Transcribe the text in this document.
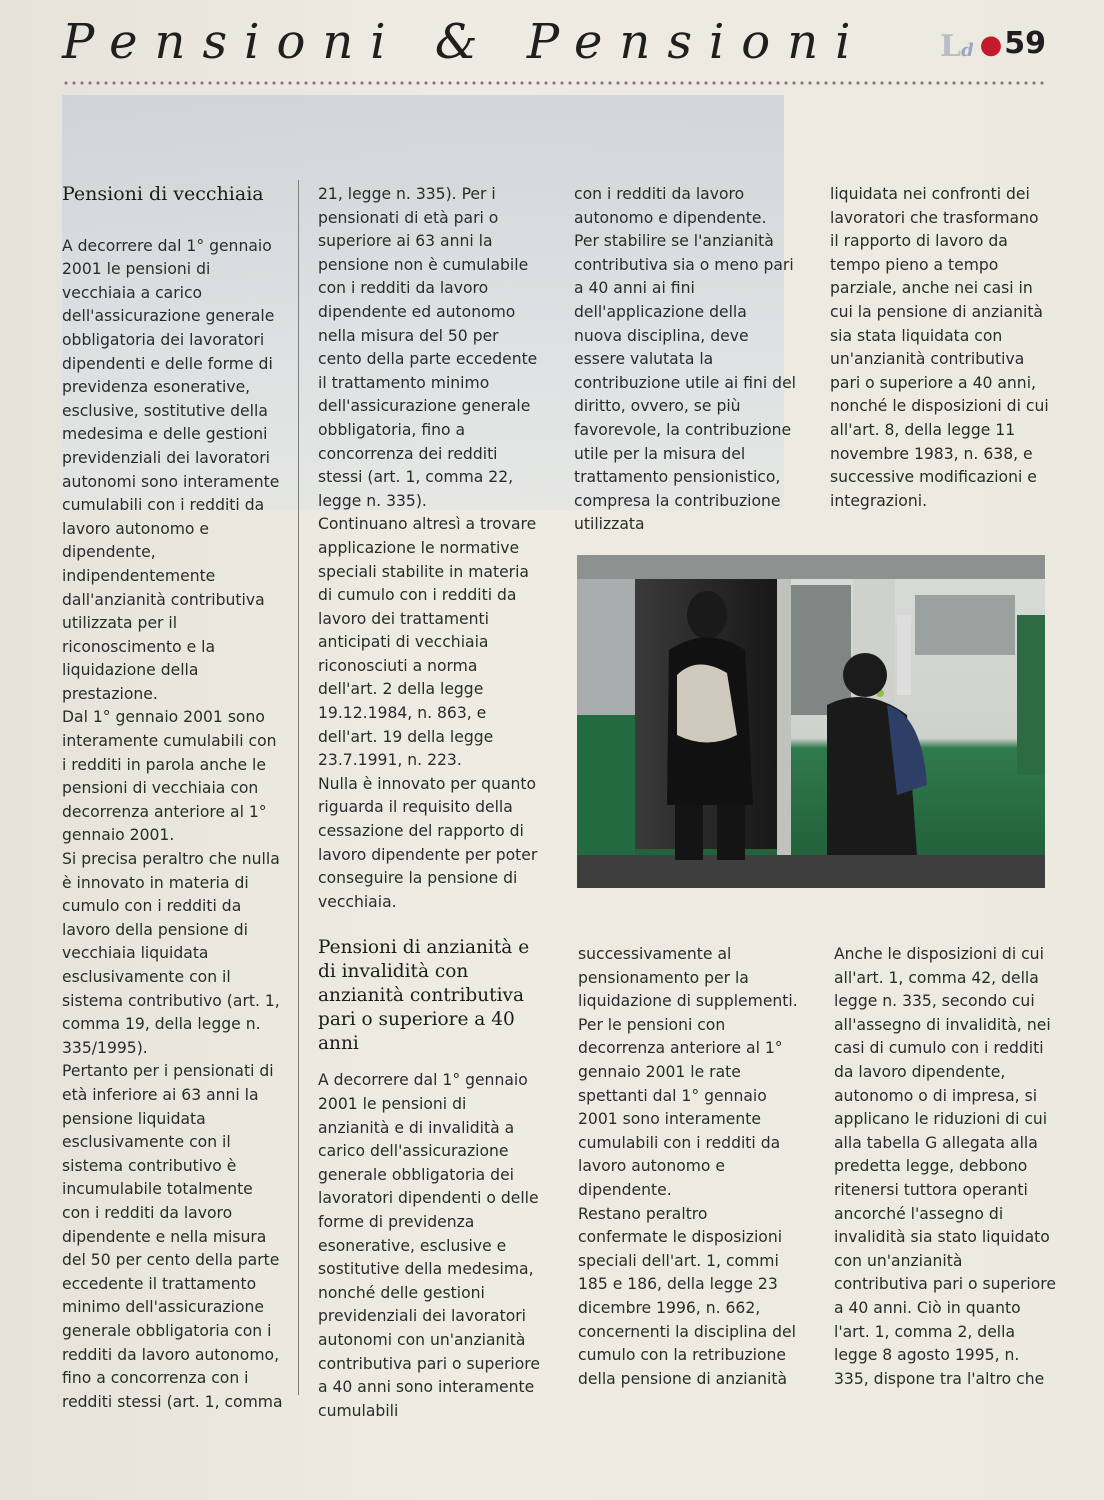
Pensioni & Pensioni Ld ●59
Pensioni di vecchiaia

A decorrere dal 1° gennaio 2001 le pensioni di vecchiaia a carico dell'assicurazione generale obbligatoria dei lavoratori dipendenti e delle forme di previdenza esonerative, esclusive, sostitutive della medesima e delle gestioni previdenziali dei lavoratori autonomi sono interamente cumulabili con i redditi da lavoro autonomo e dipendente, indipendentemente dall'anzianità contributiva utilizzata per il riconoscimento e la liquidazione della prestazione.

Dal 1° gennaio 2001 sono interamente cumulabili con i redditi in parola anche le pensioni di vecchiaia con decorrenza anteriore al 1° gennaio 2001.

Si precisa peraltro che nulla è innovato in materia di cumulo con i redditi da lavoro della pensione di vecchiaia liquidata esclusivamente con il sistema contributivo (art. 1, comma 19, della legge n. 335/1995).

Pertanto per i pensionati di età inferiore ai 63 anni la pensione liquidata esclusivamente con il sistema contributivo è incumulabile totalmente con i redditi da lavoro dipendente e nella misura del 50 per cento della parte eccedente il trattamento minimo dell'assicurazione generale obbligatoria con i redditi da lavoro autonomo, fino a concorrenza con i redditi stessi (art. 1, comma

21, legge n. 335). Per i pensionati di età pari o superiore ai 63 anni la pensione non è cumulabile con i redditi da lavoro dipendente ed autonomo nella misura del 50 per cento della parte eccedente il trattamento minimo dell'assicurazione generale obbligatoria, fino a concorrenza dei redditi stessi (art. 1, comma 22, legge n. 335).

Continuano altresì a trovare applicazione le normative speciali stabilite in materia di cumulo con i redditi da lavoro dei trattamenti anticipati di vecchiaia riconosciuti a norma dell'art. 2 della legge 19.12.1984, n. 863, e dell'art. 19 della legge 23.7.1991, n. 223.

Nulla è innovato per quanto riguarda il requisito della cessazione del rapporto di lavoro dipendente per poter conseguire la pensione di vecchiaia.

Pensioni di anzianità e di invalidità con anzianità contributiva pari o superiore a 40 anni

A decorrere dal 1° gennaio 2001 le pensioni di anzianità e di invalidità a carico dell'assicurazione generale obbligatoria dei lavoratori dipendenti o delle forme di previdenza esonerative, esclusive e sostitutive della medesima, nonché delle gestioni previdenziali dei lavoratori autonomi con un'anzianità contributiva pari o superiore a 40 anni sono interamente cumulabili

con i redditi da lavoro autonomo e dipendente.

Per stabilire se l'anzianità contributiva sia o meno pari a 40 anni ai fini dell'applicazione della nuova disciplina, deve essere valutata la contribuzione utile ai fini del diritto, ovvero, se più favorevole, la contribuzione utile per la misura del trattamento pensionistico, compresa la contribuzione utilizzata

liquidata nei confronti dei lavoratori che trasformano il rapporto di lavoro da tempo pieno a tempo parziale, anche nei casi in cui la pensione di anzianità sia stata liquidata con un'anzianità contributiva pari o superiore a 40 anni, nonché le disposizioni di cui all'art. 8, della legge 11 novembre 1983, n. 638, e successive modificazioni e integrazioni.

successivamente al pensionamento per la liquidazione di supplementi.

Per le pensioni con decorrenza anteriore al 1° gennaio 2001 le rate spettanti dal 1° gennaio 2001 sono interamente cumulabili con i redditi da lavoro autonomo e dipendente.

Restano peraltro confermate le disposizioni speciali dell'art. 1, commi 185 e 186, della legge 23 dicembre 1996, n. 662, concernenti la disciplina del cumulo con la retribuzione della pensione di anzianità

Anche le disposizioni di cui all'art. 1, comma 42, della legge n. 335, secondo cui all'assegno di invalidità, nei casi di cumulo con i redditi da lavoro dipendente, autonomo o di impresa, si applicano le riduzioni di cui alla tabella G allegata alla predetta legge, debbono ritenersi tuttora operanti ancorché l'assegno di invalidità sia stato liquidato con un'anzianità contributiva pari o superiore a 40 anni. Ciò in quanto l'art. 1, comma 2, della legge 8 agosto 1995, n. 335, dispone tra l'altro che
